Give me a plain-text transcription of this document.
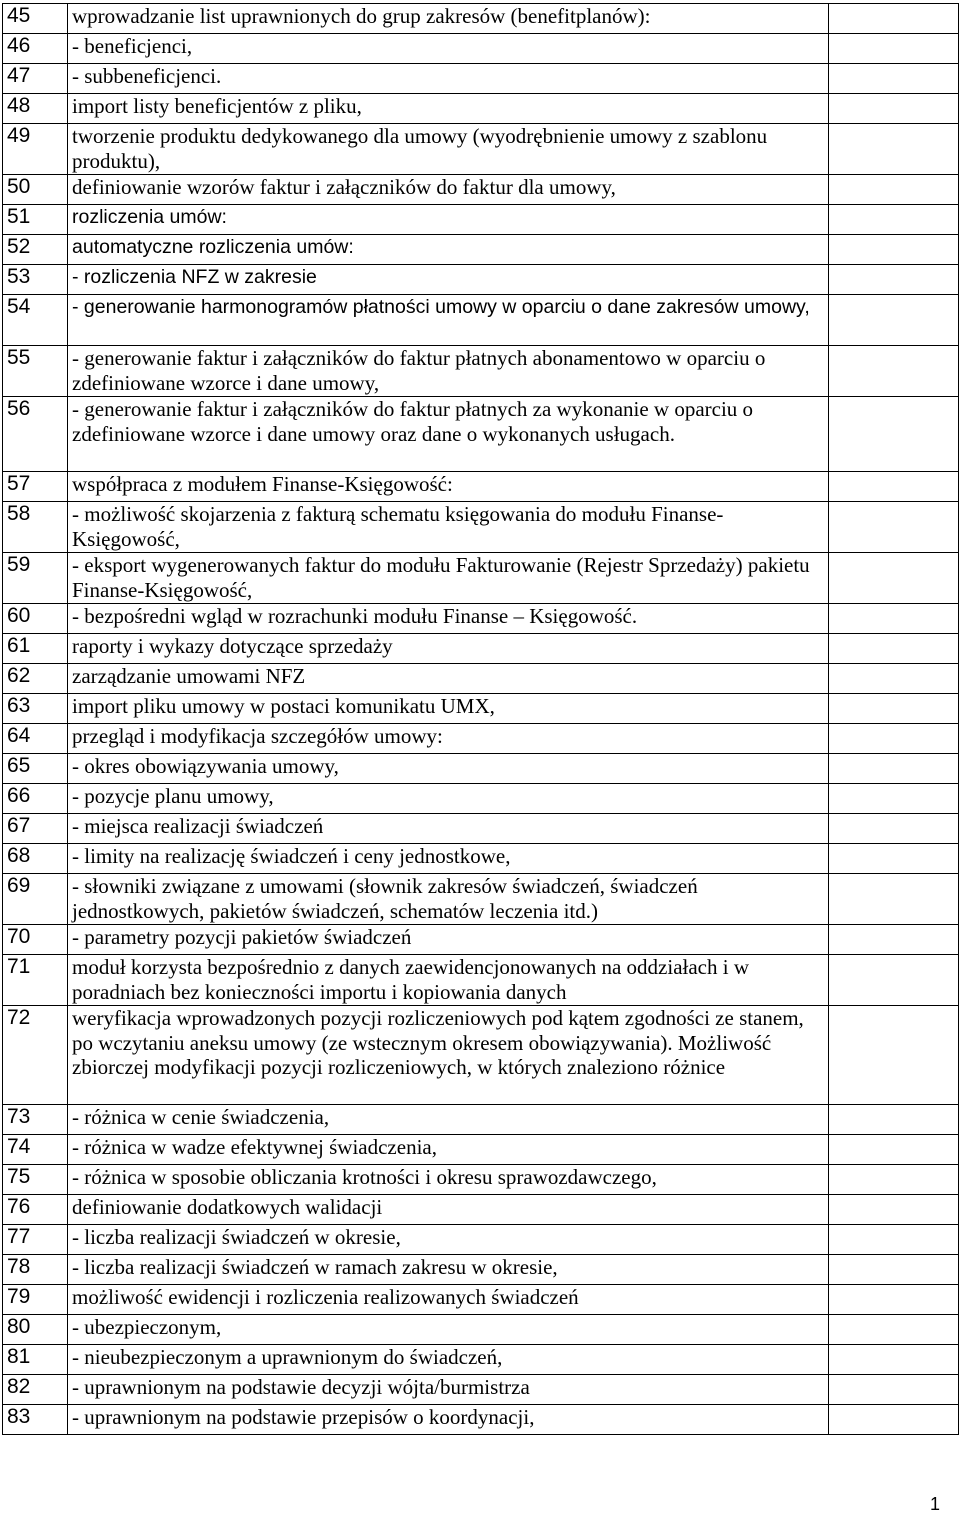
45	wprowadzanie list uprawnionych do grup zakresów (benefitplanów):	
46	- beneficjenci,	
47	- subbeneficjenci.	
48	import listy beneficjentów z pliku,	
49	tworzenie produktu dedykowanego dla umowy (wyodrębnienie umowy z szablonu produktu),	
50	definiowanie wzorów faktur i załączników do faktur dla umowy,	
51	rozliczenia umów:	
52	automatyczne rozliczenia umów:	
53	- rozliczenia NFZ w zakresie	
54	- generowanie harmonogramów płatności umowy w oparciu o dane zakresów umowy,	
55	- generowanie faktur i załączników do faktur płatnych abonamentowo w oparciu o zdefiniowane wzorce i dane umowy,	
56	- generowanie faktur i załączników do faktur płatnych za wykonanie w oparciu o zdefiniowane wzorce i dane umowy oraz dane o wykonanych usługach.	
57	współpraca z modułem Finanse-Księgowość:	
58	- możliwość skojarzenia z fakturą schematu księgowania do modułu Finanse-Księgowość,	
59	- eksport wygenerowanych faktur do modułu Fakturowanie (Rejestr Sprzedaży) pakietu Finanse-Księgowość,	
60	- bezpośredni wgląd w rozrachunki modułu Finanse – Księgowość.	
61	raporty i wykazy dotyczące sprzedaży	
62	zarządzanie umowami NFZ	
63	import pliku umowy w postaci komunikatu UMX,	
64	przegląd i modyfikacja szczegółów umowy:	
65	- okres obowiązywania umowy,	
66	- pozycje planu umowy,	
67	- miejsca realizacji świadczeń	
68	- limity na realizację świadczeń i ceny jednostkowe,	
69	- słowniki związane z umowami (słownik zakresów świadczeń, świadczeń jednostkowych, pakietów świadczeń, schematów leczenia itd.)	
70	- parametry pozycji pakietów świadczeń	
71	moduł korzysta bezpośrednio z danych zaewidencjonowanych na oddziałach i w poradniach bez konieczności importu i kopiowania danych	
72	weryfikacja wprowadzonych pozycji rozliczeniowych pod kątem zgodności ze stanem, po wczytaniu aneksu umowy (ze wstecznym okresem obowiązywania). Możliwość zbiorczej modyfikacji pozycji rozliczeniowych, w których znaleziono różnice	
73	- różnica w cenie świadczenia,	
74	- różnica w wadze efektywnej świadczenia,	
75	- różnica w sposobie obliczania krotności i okresu sprawozdawczego,	
76	definiowanie dodatkowych walidacji	
77	- liczba realizacji świadczeń w okresie,	
78	- liczba realizacji świadczeń w ramach zakresu w okresie,	
79	możliwość ewidencji i rozliczenia realizowanych świadczeń	
80	- ubezpieczonym,	
81	- nieubezpieczonym a uprawnionym do świadczeń,	
82	- uprawnionym na podstawie decyzji wójta/burmistrza	
83	- uprawnionym na podstawie przepisów o koordynacji,	
1
